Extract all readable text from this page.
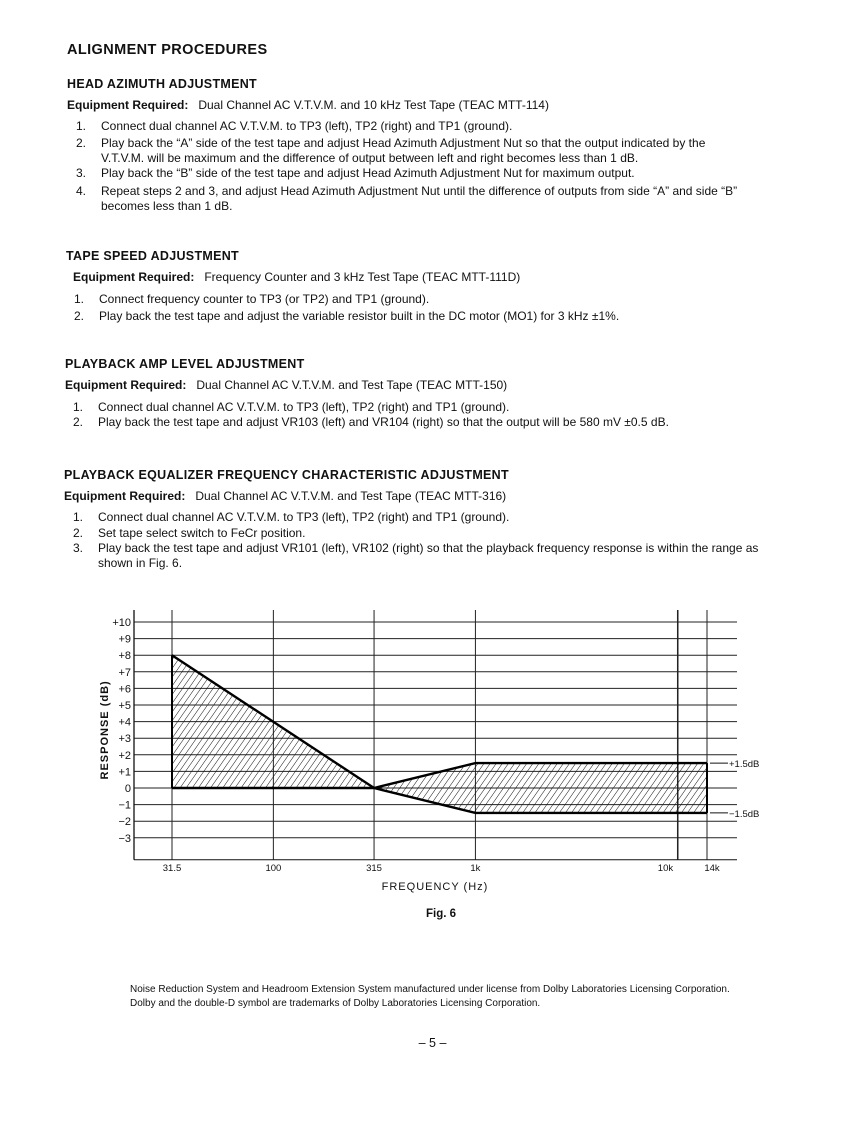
ALIGNMENT PROCEDURES
HEAD AZIMUTH ADJUSTMENT
Equipment Required: Dual Channel AC V.T.V.M. and 10 kHz Test Tape (TEAC MTT-114)
1.	Connect dual channel AC V.T.V.M. to TP3 (left), TP2 (right) and TP1 (ground).
2.	Play back the “A” side of the test tape and adjust Head Azimuth Adjustment Nut so that the output indicated by the
V.T.V.M. will be maximum and the difference of output between left and right becomes less than 1 dB.
3.	Play back the “B” side of the test tape and adjust Head Azimuth Adjustment Nut for maximum output.
4.	Repeat steps 2 and 3, and adjust Head Azimuth Adjustment Nut until the difference of outputs from side “A” and side “B”
becomes less than 1 dB.
TAPE SPEED ADJUSTMENT
Equipment Required: Frequency Counter and 3 kHz Test Tape (TEAC MTT-111D)
1.	Connect frequency counter to TP3 (or TP2) and TP1 (ground).
2.	Play back the test tape and adjust the variable resistor built in the DC motor (MO1) for 3 kHz ±1%.
PLAYBACK AMP LEVEL ADJUSTMENT
Equipment Required: Dual Channel AC V.T.V.M. and Test Tape (TEAC MTT-150)
1.	Connect dual channel AC V.T.V.M. to TP3 (left), TP2 (right) and TP1 (ground).
2.	Play back the test tape and adjust VR103 (left) and VR104 (right) so that the output will be 580 mV ±0.5 dB.
PLAYBACK EQUALIZER FREQUENCY CHARACTERISTIC ADJUSTMENT
Equipment Required: Dual Channel AC V.T.V.M. and Test Tape (TEAC MTT-316)
1.	Connect dual channel AC V.T.V.M. to TP3 (left), TP2 (right) and TP1 (ground).
2.	Set tape select switch to FeCr position.
3.	Play back the test tape and adjust VR101 (left), VR102 (right) so that the playback frequency response is within the range as
shown in Fig. 6.
+10
+9
+8
+7
+6
+5
+4
+3
+2
+1
0
−1
−2
−3
31.5	100	315	1k	10k	14k
+1.5dB
−1.5dB
RESPONSE (dB)
FREQUENCY (Hz)
Fig. 6
Noise Reduction System and Headroom Extension System manufactured under license from Dolby Laboratories Licensing Corporation.
Dolby and the double-D symbol are trademarks of Dolby Laboratories Licensing Corporation.
– 5 –
